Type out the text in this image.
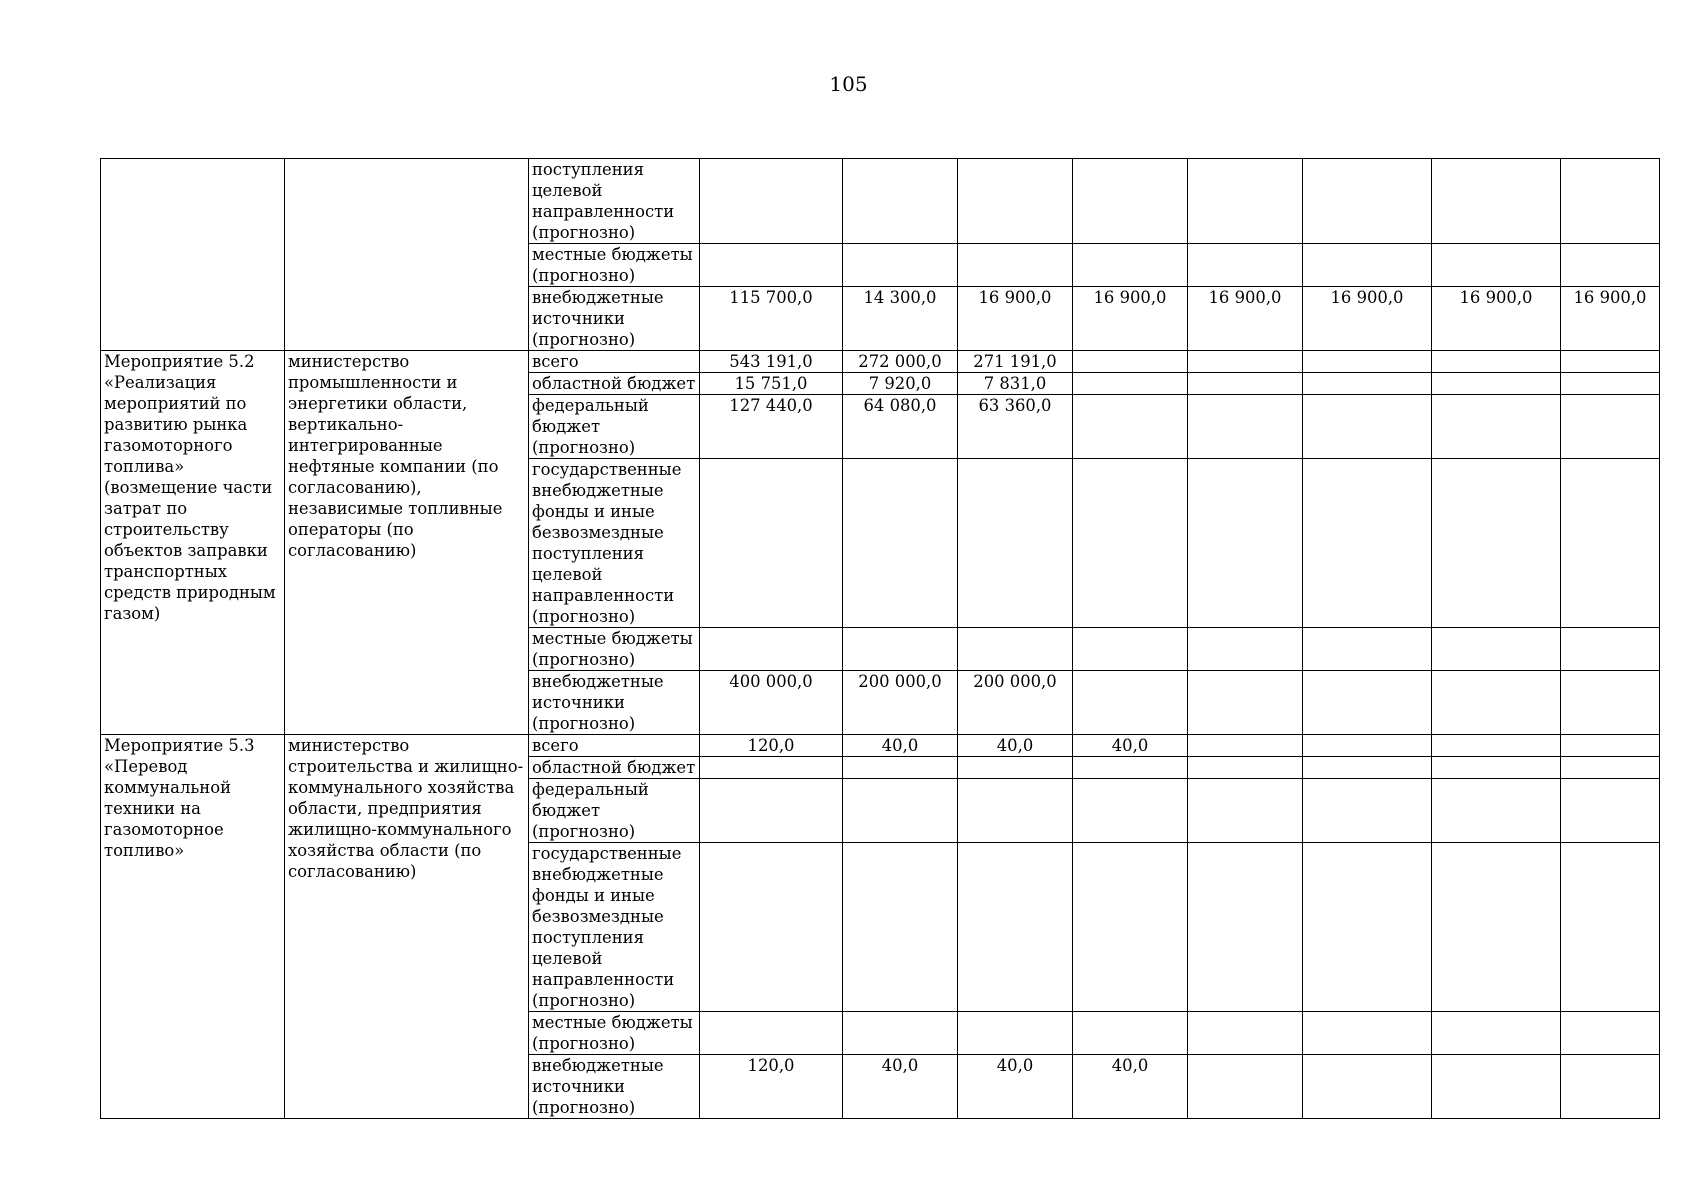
105
		поступления целевой направленности (прогнозно)								
		местные бюджеты (прогнозно)								
		внебюджетные источники (прогнозно)	115 700,0	14 300,0	16 900,0	16 900,0	16 900,0	16 900,0	16 900,0	16 900,0
Мероприятие 5.2 «Реализация мероприятий по развитию рынка газомоторного топлива» (возмещение части затрат по строительству объектов заправки транспортных средств природным газом)	министерство промышленности и энергетики области, вертикально-интегрированные нефтяные компании (по согласованию), независимые топливные операторы (по согласованию)	всего	543 191,0	272 000,0	271 191,0					
		областной бюджет	15 751,0	7 920,0	7 831,0					
		федеральный бюджет (прогнозно)	127 440,0	64 080,0	63 360,0					
		государственные внебюджетные фонды и иные безвозмездные поступления целевой направленности (прогнозно)								
		местные бюджеты (прогнозно)								
		внебюджетные источники (прогнозно)	400 000,0	200 000,0	200 000,0					
Мероприятие 5.3 «Перевод коммунальной техники на газомоторное топливо»	министерство строительства и жилищно-коммунального хозяйства области, предприятия жилищно-коммунального хозяйства области (по согласованию)	всего	120,0	40,0	40,0	40,0				
		областной бюджет								
		федеральный бюджет (прогнозно)								
		государственные внебюджетные фонды и иные безвозмездные поступления целевой направленности (прогнозно)								
		местные бюджеты (прогнозно)								
		внебюджетные источники (прогнозно)	120,0	40,0	40,0	40,0				
